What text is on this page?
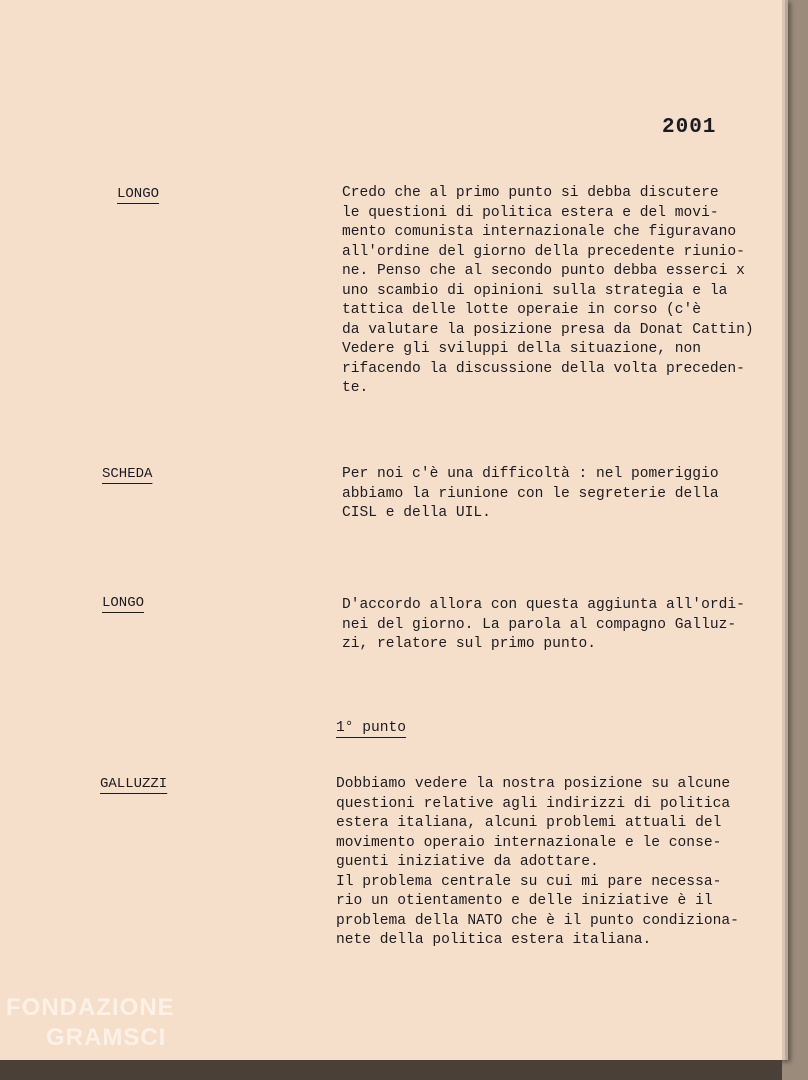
2001
LONGO	Credo che al primo punto si debba discutere

le questioni di politica estera e del movi-

mento comunista internazionale che figuravano

all'ordine del giorno della precedente riunio-

ne. Penso che al secondo punto debba esserci x

uno scambio di opinioni sulla strategia e la

tattica delle lotte operaie in corso (c'è

da valutare la posizione presa da Donat Cattin)

Vedere gli sviluppi della situazione, non

rifacendo la discussione della volta preceden-

te.

SCHEDA	Per noi c'è una difficoltà : nel pomeriggio

abbiamo la riunione con le segreterie della

CISL e della UIL.

LONGO	D'accordo allora con questa aggiunta all'ordi-

nei del giorno. La parola al compagno Galluz-

zi, relatore sul primo punto.

1° punto
GALLUZZI	Dobbiamo vedere la nostra posizione su alcune

questioni relative agli indirizzi di politica

estera italiana, alcuni problemi attuali del

movimento operaio internazionale e le conse-

guenti iniziative da adottare.

Il problema centrale su cui mi pare necessa-

rio un otientamento e delle iniziative è il

problema della NATO che è il punto condiziona-

nete della politica estera italiana.

FONDAZIONE
GRAMSCI
